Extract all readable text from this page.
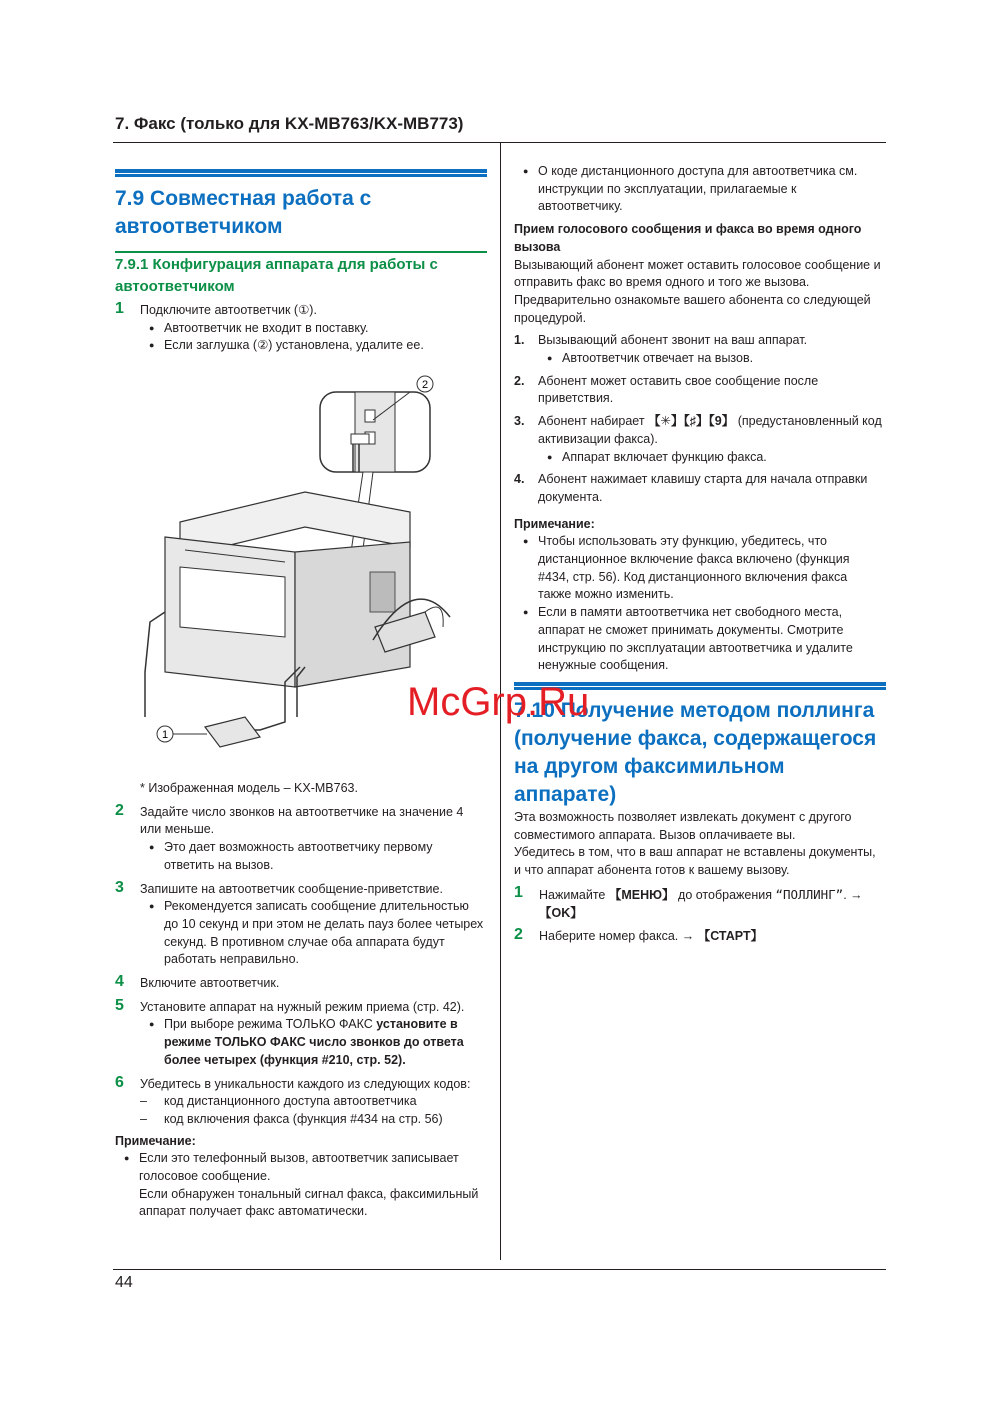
7. Факс (только для KX-MB763/KX-MB773)

7.9 Совместная работа с
автоответчиком

7.9.1 Конфигурация аппарата для работы с
автоответчиком

1 Подключите автоответчик (①).
● Автоответчик не входит в поставку.
● Если заглушка (②) установлена, удалите ее.
2
1
* Изображенная модель – KX-MB763.
2 Задайте число звонков на автоответчике на значение 4
или меньше.
● Это дает возможность автоответчику первому
ответить на вызов.
3 Запишите на автоответчик сообщение-приветствие.
● Рекомендуется записать сообщение длительностью
до 10 секунд и при этом не делать пауз более четырех
секунд. В противном случае оба аппарата будут
работать неправильно.
4 Включите автоответчик.
5 Установите аппарат на нужный режим приема (стр. 42).
● При выборе режима ТОЛЬКО ФАКС установите в
режиме ТОЛЬКО ФАКС число звонков до ответа
более четырех (функция #210, стр. 52).
6 Убедитесь в уникальности каждого из следующих кодов:
– код дистанционного доступа автоответчика
– код включения факса (функция #434 на стр. 56)
Примечание:
● Если это телефонный вызов, автоответчик записывает
голосовое сообщение.
Если обнаружен тональный сигнал факса, факсимильный
аппарат получает факс автоматически.
● О коде дистанционного доступа для автоответчика см.
инструкции по эксплуатации, прилагаемые к
автоответчику.
Прием голосового сообщения и факса во время одного
вызова
Вызывающий абонент может оставить голосовое сообщение и
отправить факс во время одного и того же вызова.
Предварительно ознакомьте вашего абонента со следующей
процедурой.
1. Вызывающий абонент звонит на ваш аппарат.
● Автоответчик отвечает на вызов.
2. Абонент может оставить свое сообщение после
приветствия.
3. Абонент набирает 【✳】【♯】【9】 (предустановленный код
активизации факса).
● Аппарат включает функцию факса.
4. Абонент нажимает клавишу старта для начала отправки
документа.
Примечание:
● Чтобы использовать эту функцию, убедитесь, что
дистанционное включение факса включено (функция
#434, стр. 56). Код дистанционного включения факса
также можно изменить.
● Если в памяти автоответчика нет свободного места,
аппарат не сможет принимать документы. Смотрите
инструкцию по эксплуатации автоответчика и удалите
ненужные сообщения.

7.10 Получение методом поллинга
(получение факса, содержащегося
на другом факсимильном аппарате)

Эта возможность позволяет извлекать документ с другого
совместимого аппарата. Вызов оплачиваете вы.
Убедитесь в том, что в ваш аппарат не вставлены документы,
и что аппарат абонента готов к вашему вызову.
1 Нажимайте 【МЕНЮ】 до отображения “ПОЛЛИНГ”. →
【OK】
2 Наберите номер факса. → 【СТАРТ】
McGrp.Ru
44
